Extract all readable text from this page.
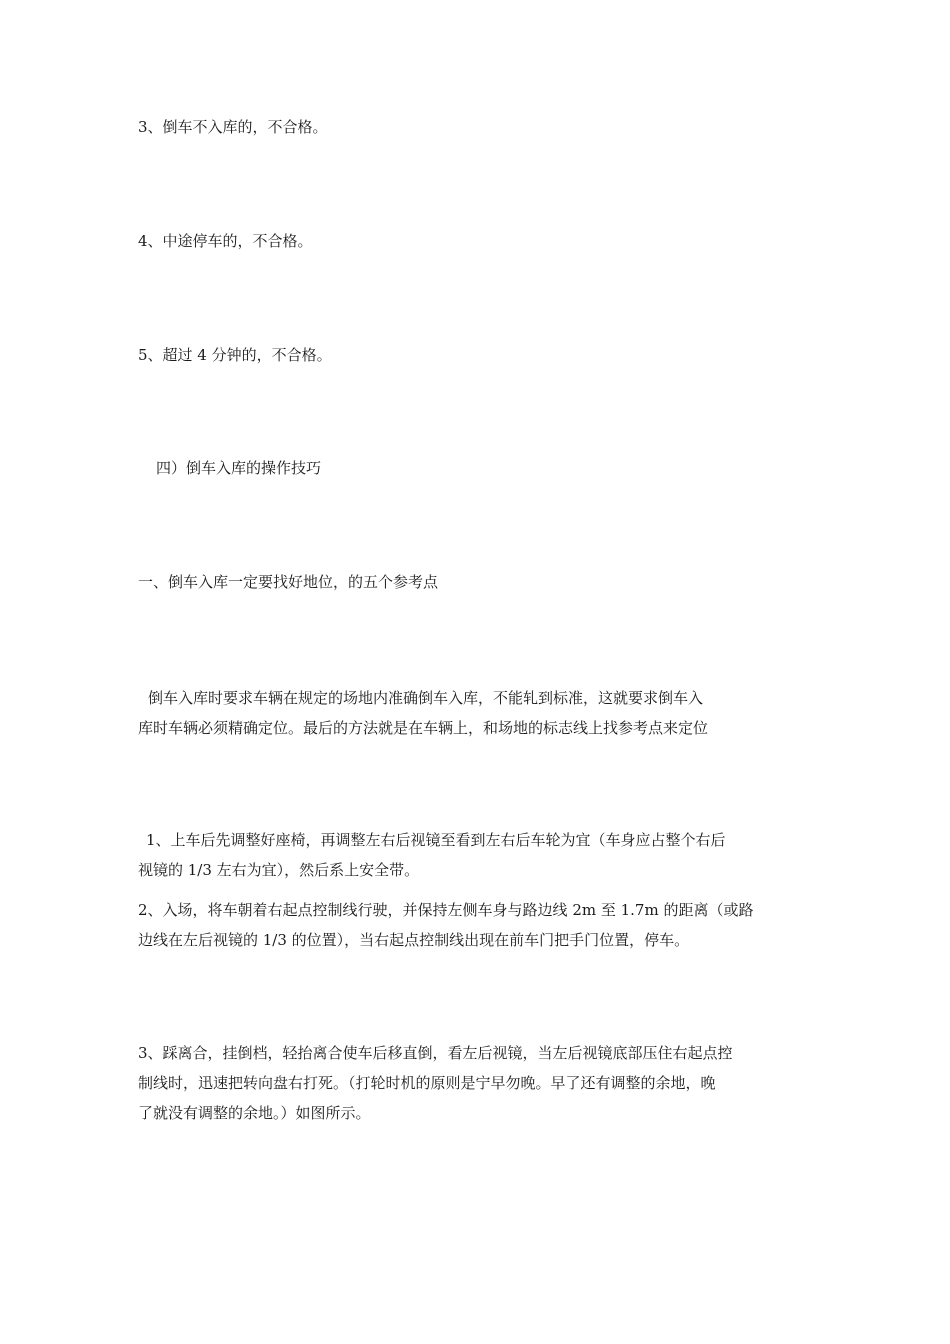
3、倒车不入库的，不合格。
4、中途停车的，不合格。
5、超过 4 分钟的，不合格。
四）倒车入库的操作技巧
一、倒车入库一定要找好地位，的五个参考点
倒车入库时要求车辆在规定的场地内准确倒车入库，不能轧到标准，这就要求倒车入
库时车辆必须精确定位。最后的方法就是在车辆上，和场地的标志线上找参考点来定位
1、上车后先调整好座椅，再调整左右后视镜至看到左右后车轮为宜（车身应占整个右后
视镜的 1/3 左右为宜），然后系上安全带。
2、入场，将车朝着右起点控制线行驶，并保持左侧车身与路边线 2m 至 1.7m 的距离（或路
边线在左后视镜的 1/3 的位置），当右起点控制线出现在前车门把手门位置，停车。
3、踩离合，挂倒档，轻抬离合使车后移直倒，看左后视镜，当左后视镜底部压住右起点控
制线时，迅速把转向盘右打死。（打轮时机的原则是宁早勿晚。早了还有调整的余地，晚
了就没有调整的余地。）如图所示。
